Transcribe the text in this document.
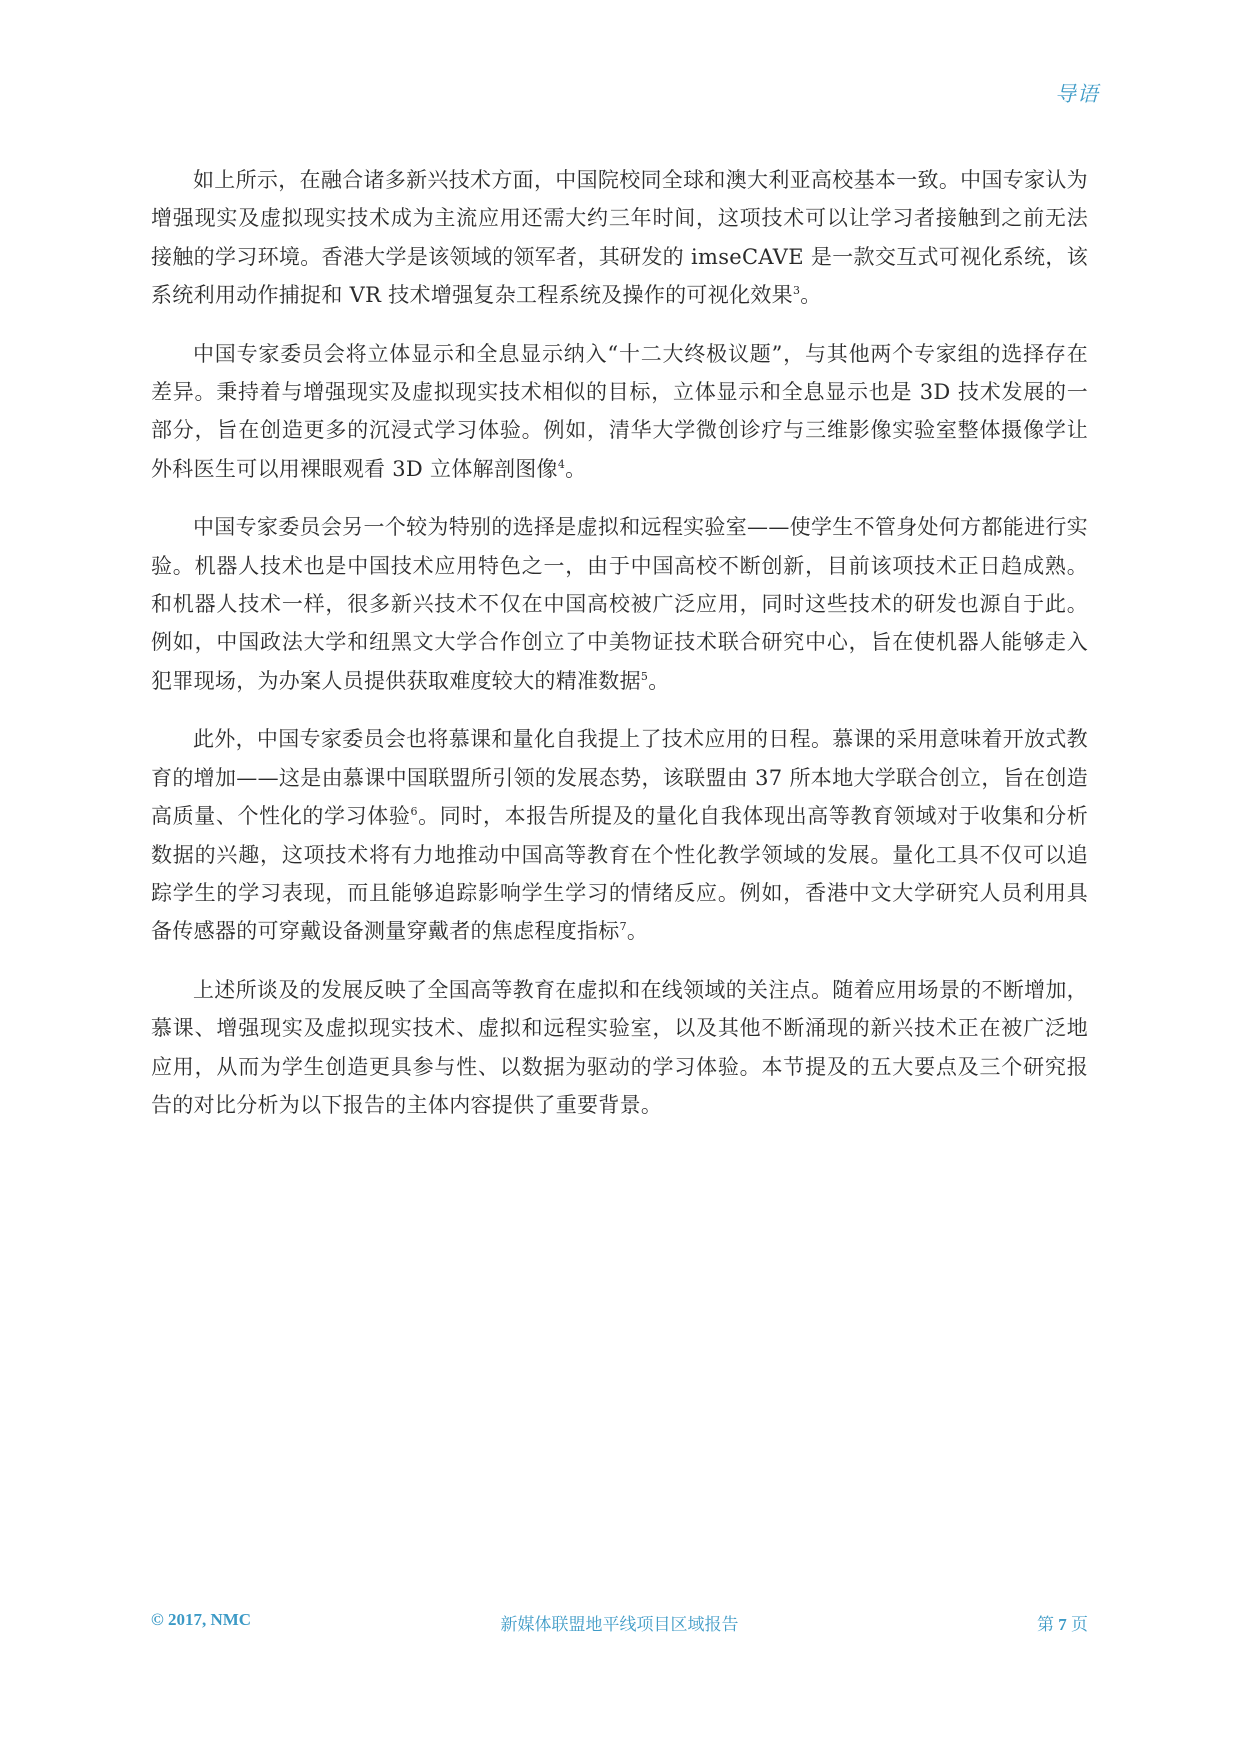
导语

如上所示，在融合诸多新兴技术方面，中国院校同全球和澳大利亚高校基本一致。中国专家认为增强现实及虚拟现实技术成为主流应用还需大约三年时间，这项技术可以让学习者接触到之前无法接触的学习环境。香港大学是该领域的领军者，其研发的 imseCAVE 是一款交互式可视化系统，该系统利用动作捕捉和 VR 技术增强复杂工程系统及操作的可视化效果$^3$。

中国专家委员会将立体显示和全息显示纳入“十二大终极议题”，与其他两个专家组的选择存在差异。秉持着与增强现实及虚拟现实技术相似的目标，立体显示和全息显示也是 3D 技术发展的一部分，旨在创造更多的沉浸式学习体验。例如，清华大学微创诊疗与三维影像实验室整体摄像学让外科医生可以用裸眼观看 3D 立体解剖图像$^4$。

中国专家委员会另一个较为特别的选择是虚拟和远程实验室——使学生不管身处何方都能进行实验。机器人技术也是中国技术应用特色之一，由于中国高校不断创新，目前该项技术正日趋成熟。和机器人技术一样，很多新兴技术不仅在中国高校被广泛应用，同时这些技术的研发也源自于此。例如，中国政法大学和纽黑文大学合作创立了中美物证技术联合研究中心，旨在使机器人能够走入犯罪现场，为办案人员提供获取难度较大的精准数据$^5$。

此外，中国专家委员会也将慕课和量化自我提上了技术应用的日程。慕课的采用意味着开放式教育的增加——这是由慕课中国联盟所引领的发展态势，该联盟由 37 所本地大学联合创立，旨在创造高质量、个性化的学习体验$^6$。同时，本报告所提及的量化自我体现出高等教育领域对于收集和分析数据的兴趣，这项技术将有力地推动中国高等教育在个性化教学领域的发展。量化工具不仅可以追踪学生的学习表现，而且能够追踪影响学生学习的情绪反应。例如，香港中文大学研究人员利用具备传感器的可穿戴设备测量穿戴者的焦虑程度指标$^7$。

上述所谈及的发展反映了全国高等教育在虚拟和在线领域的关注点。随着应用场景的不断增加，慕课、增强现实及虚拟现实技术、虚拟和远程实验室，以及其他不断涌现的新兴技术正在被广泛地应用，从而为学生创造更具参与性、以数据为驱动的学习体验。本节提及的五大要点及三个研究报告的对比分析为以下报告的主体内容提供了重要背景。

© 2017, NMC	新媒体联盟地平线项目区域报告	第 7 页
